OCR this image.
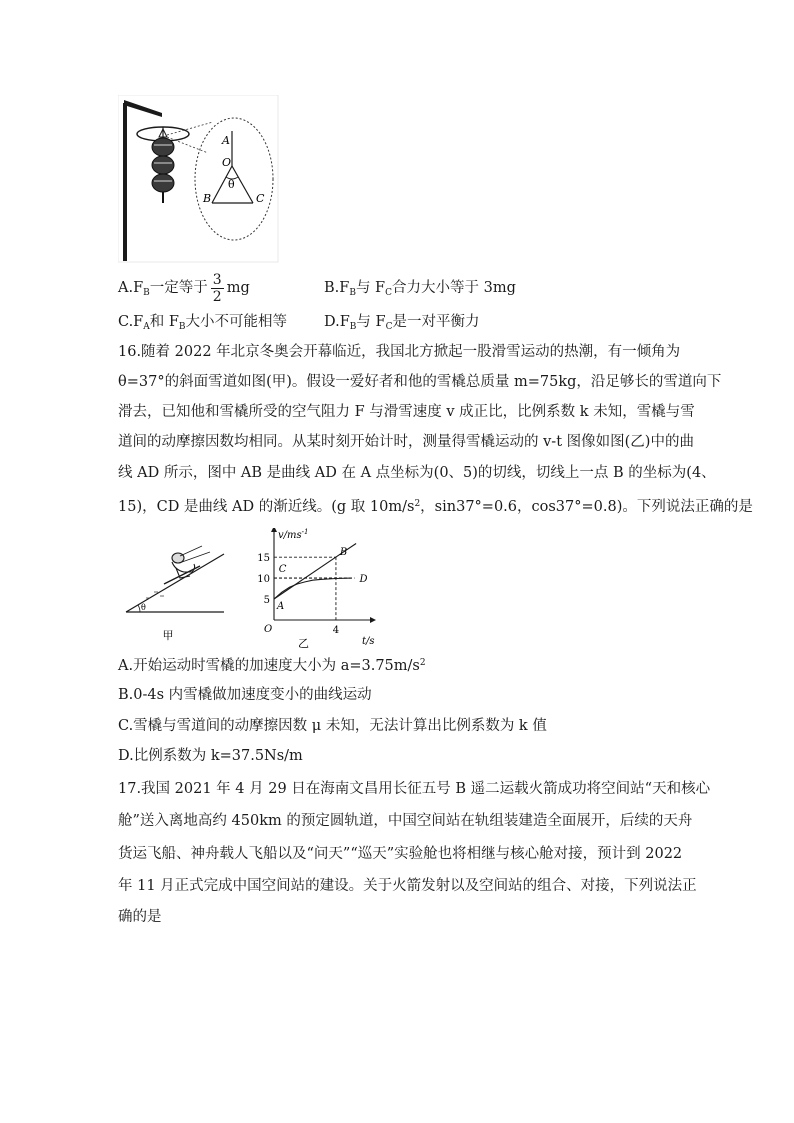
A
O
θ
B	C
$A.F_B$一定等于 $\frac{3}{2}$ mg	$B.F_B$与 $F_C$合力大小等于 3mg
$C.F_A$和 $F_B$大小不可能相等	$D.F_B$与 $F_C$是一对平衡力
16.随着 2022 年北京冬奥会开幕临近，我国北方掀起一股滑雪运动的热潮，有一倾角为
θ=37°的斜面雪道如图(甲)。假设一爱好者和他的雪橇总质量 m=75kg，沿足够长的雪道向下
滑去，已知他和雪橇所受的空气阻力 F 与滑雪速度 v 成正比，比例系数 k 未知，雪橇与雪
道间的动摩擦因数均相同。从某时刻开始计时，测量得雪橇运动的 v-t 图像如图(乙)中的曲
线 AD 所示，图中 AB 是曲线 AD 在 A 点坐标为(0、5)的切线，切线上一点 B 的坐标为(4、
15)，CD 是曲线 AD 的渐近线。(g 取 $10m/s^2$，sin37°=0.6，cos37°=0.8)。下列说法正确的是
θ
甲
5
10
15
4
O
$v/ms^{-1}$
t/s
乙
A
B
C
D
A.开始运动时雪橇的加速度大小为 $a=3.75m/s^2$
B.0-4s 内雪橇做加速度变小的曲线运动
C.雪橇与雪道间的动摩擦因数 μ 未知，无法计算出比例系数为 k 值
D.比例系数为 k=37.5Ns/m
17.我国 2021 年 4 月 29 日在海南文昌用长征五号 B 遥二运载火箭成功将空间站“天和核心
舱”送入离地高约 450km 的预定圆轨道，中国空间站在轨组装建造全面展开，后续的天舟
货运飞船、神舟载人飞船以及“问天”“巡天”实验舱也将相继与核心舱对接，预计到 2022
年 11 月正式完成中国空间站的建设。关于火箭发射以及空间站的组合、对接，下列说法正
确的是
